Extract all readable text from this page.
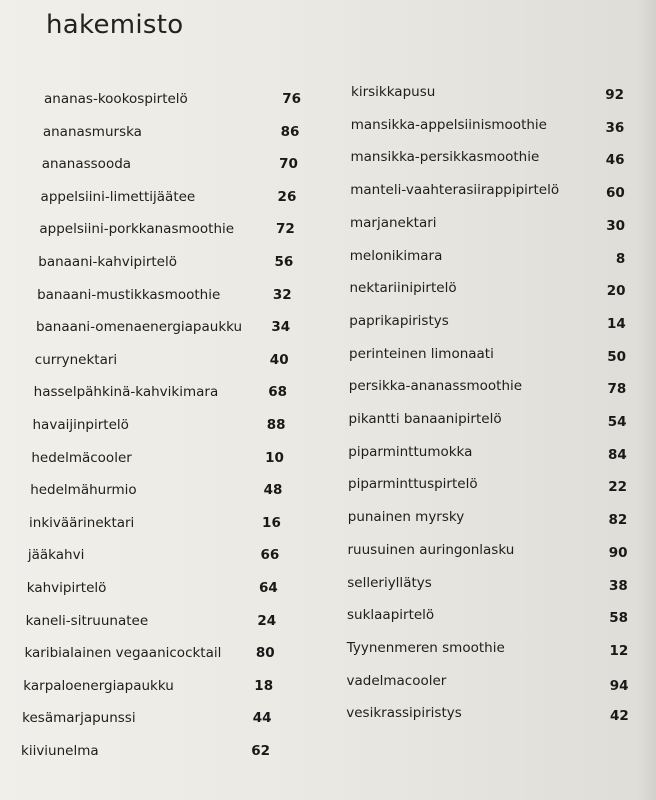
hakemisto
ananas-kookospirtelö	76
ananasmurska	86
ananassooda	70
appelsiini-limettijäätee	26
appelsiini-porkkanasmoothie	72
banaani-kahvipirtelö	56
banaani-mustikkasmoothie	32
banaani-omenaenergiapaukku	34
currynektari	40
hasselpähkinä-kahvikimara	68
havaijinpirtelö	88
hedelmäcooler	10
hedelmähurmio	48
inkiväärinektari	16
jääkahvi	66
kahvipirtelö	64
kaneli-sitruunatee	24
karibialainen vegaanicocktail	80
karpaloenergiapaukku	18
kesämarjapunssi	44
kiiviunelma	62
kirsikkapusu	92
mansikka-appelsiinismoothie	36
mansikka-persikkasmoothie	46
manteli-vaahterasiirappipirtelö	60
marjanektari	30
melonikimara	8
nektariinipirtelö	20
paprikapiristys	14
perinteinen limonaati	50
persikka-ananassmoothie	78
pikantti banaanipirtelö	54
piparminttumokka	84
piparminttuspirtelö	22
punainen myrsky	82
ruusuinen auringonlasku	90
selleriyllätys	38
suklaapirtelö	58
Tyynenmeren smoothie	12
vadelmacooler	94
vesikrassipiristys	42
